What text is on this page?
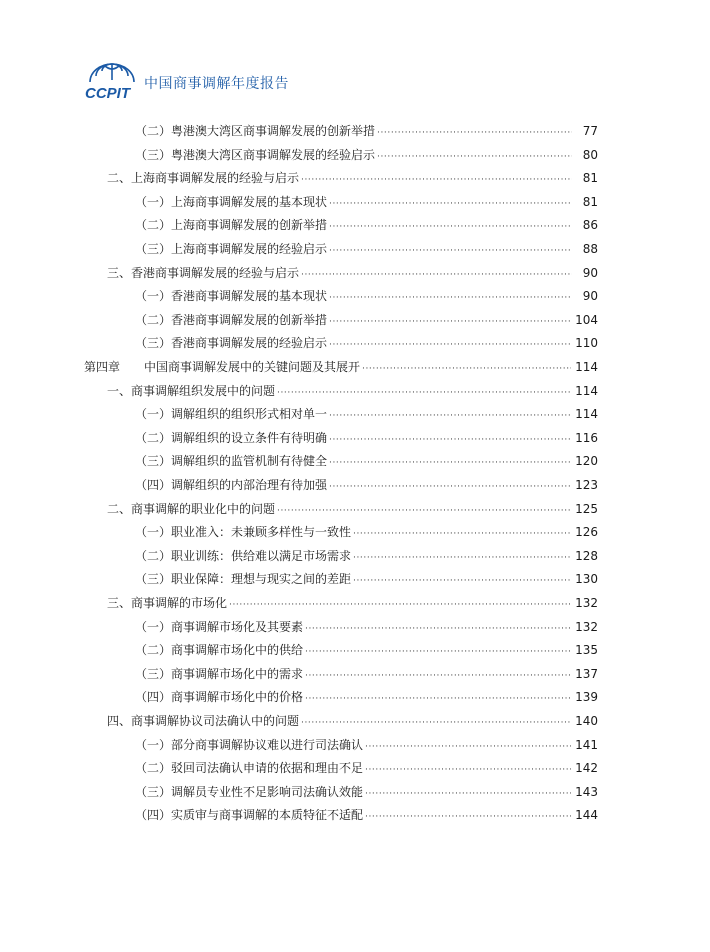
CCPIT
中国商事调解年度报告
（二）粤港澳大湾区商事调解发展的创新举措 ·····	77
（三）粤港澳大湾区商事调解发展的经验启示 ·····	80
二、上海商事调解发展的经验与启示 ·····	81
（一）上海商事调解发展的基本现状 ·····	81
（二）上海商事调解发展的创新举措 ·····	86
（三）上海商事调解发展的经验启示 ·····	88
三、香港商事调解发展的经验与启示 ·····	90
（一）香港商事调解发展的基本现状 ·····	90
（二）香港商事调解发展的创新举措 ·····	104
（三）香港商事调解发展的经验启示 ·····	110
第四章 中国商事调解发展中的关键问题及其展开 ·····	114
一、商事调解组织发展中的问题 ·····	114
（一）调解组织的组织形式相对单一 ·····	114
（二）调解组织的设立条件有待明确 ·····	116
（三）调解组织的监管机制有待健全 ·····	120
（四）调解组织的内部治理有待加强 ·····	123
二、商事调解的职业化中的问题 ·····	125
（一）职业准入：未兼顾多样性与一致性 ·····	126
（二）职业训练：供给难以满足市场需求 ·····	128
（三）职业保障：理想与现实之间的差距 ·····	130
三、商事调解的市场化 ·····	132
（一）商事调解市场化及其要素 ·····	132
（二）商事调解市场化中的供给 ·····	135
（三）商事调解市场化中的需求 ·····	137
（四）商事调解市场化中的价格 ·····	139
四、商事调解协议司法确认中的问题 ·····	140
（一）部分商事调解协议难以进行司法确认 ·····	141
（二）驳回司法确认申请的依据和理由不足 ·····	142
（三）调解员专业性不足影响司法确认效能 ·····	143
（四）实质审与商事调解的本质特征不适配 ·····	144
